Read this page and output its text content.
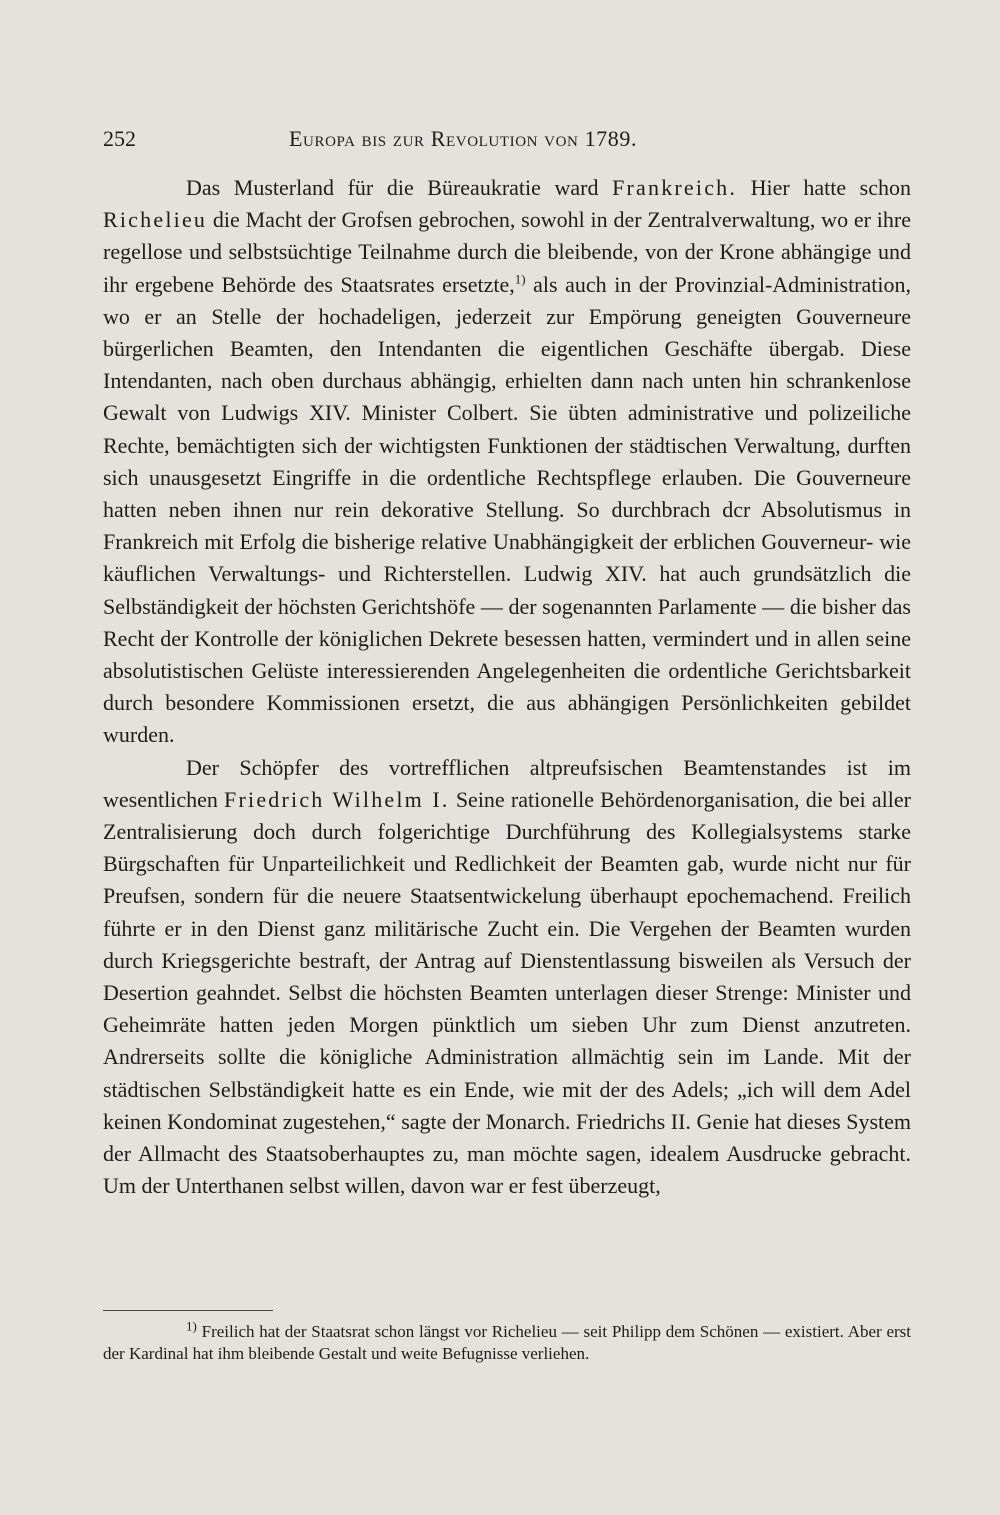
252	Europa bis zur Revolution von 1789.

Das Musterland für die Büreaukratie ward Frankreich. Hier hatte schon Richelieu die Macht der Grofsen gebrochen, sowohl in der Zentralverwaltung, wo er ihre regellose und selbstsüchtige Teilnahme durch die bleibende, von der Krone abhängige und ihr ergebene Behörde des Staatsrates ersetzte,$^{1)}$ als auch in der Provinzial-Administration, wo er an Stelle der hochadeligen, jederzeit zur Empörung geneigten Gouverneure bürgerlichen Beamten, den Intendanten die eigentlichen Geschäfte übergab. Diese Intendanten, nach oben durchaus abhängig, erhielten dann nach unten hin schrankenlose Gewalt von Ludwigs XIV. Minister Colbert. Sie übten administrative und polizeiliche Rechte, bemächtigten sich der wichtigsten Funktionen der städtischen Verwaltung, durften sich unausgesetzt Eingriffe in die ordentliche Rechtspflege erlauben. Die Gouverneure hatten neben ihnen nur rein dekorative Stellung. So durchbrach dcr Absolutismus in Frankreich mit Erfolg die bisherige relative Unabhängigkeit der erblichen Gouverneur- wie käuflichen Verwaltungs- und Richterstellen. Ludwig XIV. hat auch grundsätzlich die Selbständigkeit der höchsten Gerichtshöfe — der sogenannten Parlamente — die bisher das Recht der Kontrolle der königlichen Dekrete besessen hatten, vermindert und in allen seine absolutistischen Gelüste interessierenden Angelegenheiten die ordentliche Gerichtsbarkeit durch besondere Kommissionen ersetzt, die aus abhängigen Persönlichkeiten gebildet wurden.

Der Schöpfer des vortrefflichen altpreufsischen Beamtenstandes ist im wesentlichen Friedrich Wilhelm I. Seine rationelle Behördenorganisation, die bei aller Zentralisierung doch durch folgerichtige Durchführung des Kollegialsystems starke Bürgschaften für Unparteilichkeit und Redlichkeit der Beamten gab, wurde nicht nur für Preufsen, sondern für die neuere Staatsentwickelung überhaupt epochemachend. Freilich führte er in den Dienst ganz militärische Zucht ein. Die Vergehen der Beamten wurden durch Kriegsgerichte bestraft, der Antrag auf Dienstentlassung bisweilen als Versuch der Desertion geahndet. Selbst die höchsten Beamten unterlagen dieser Strenge: Minister und Geheimräte hatten jeden Morgen pünktlich um sieben Uhr zum Dienst anzutreten. Andrerseits sollte die königliche Administration allmächtig sein im Lande. Mit der städtischen Selbständigkeit hatte es ein Ende, wie mit der des Adels; „ich will dem Adel keinen Kondominat zugestehen,“ sagte der Monarch. Friedrichs II. Genie hat dieses System der Allmacht des Staatsoberhauptes zu, man möchte sagen, idealem Ausdrucke gebracht. Um der Unterthanen selbst willen, davon war er fest überzeugt,

$^{1)}$ Freilich hat der Staatsrat schon längst vor Richelieu — seit Philipp dem Schönen — existiert. Aber erst der Kardinal hat ihm bleibende Gestalt und weite Befugnisse verliehen.
